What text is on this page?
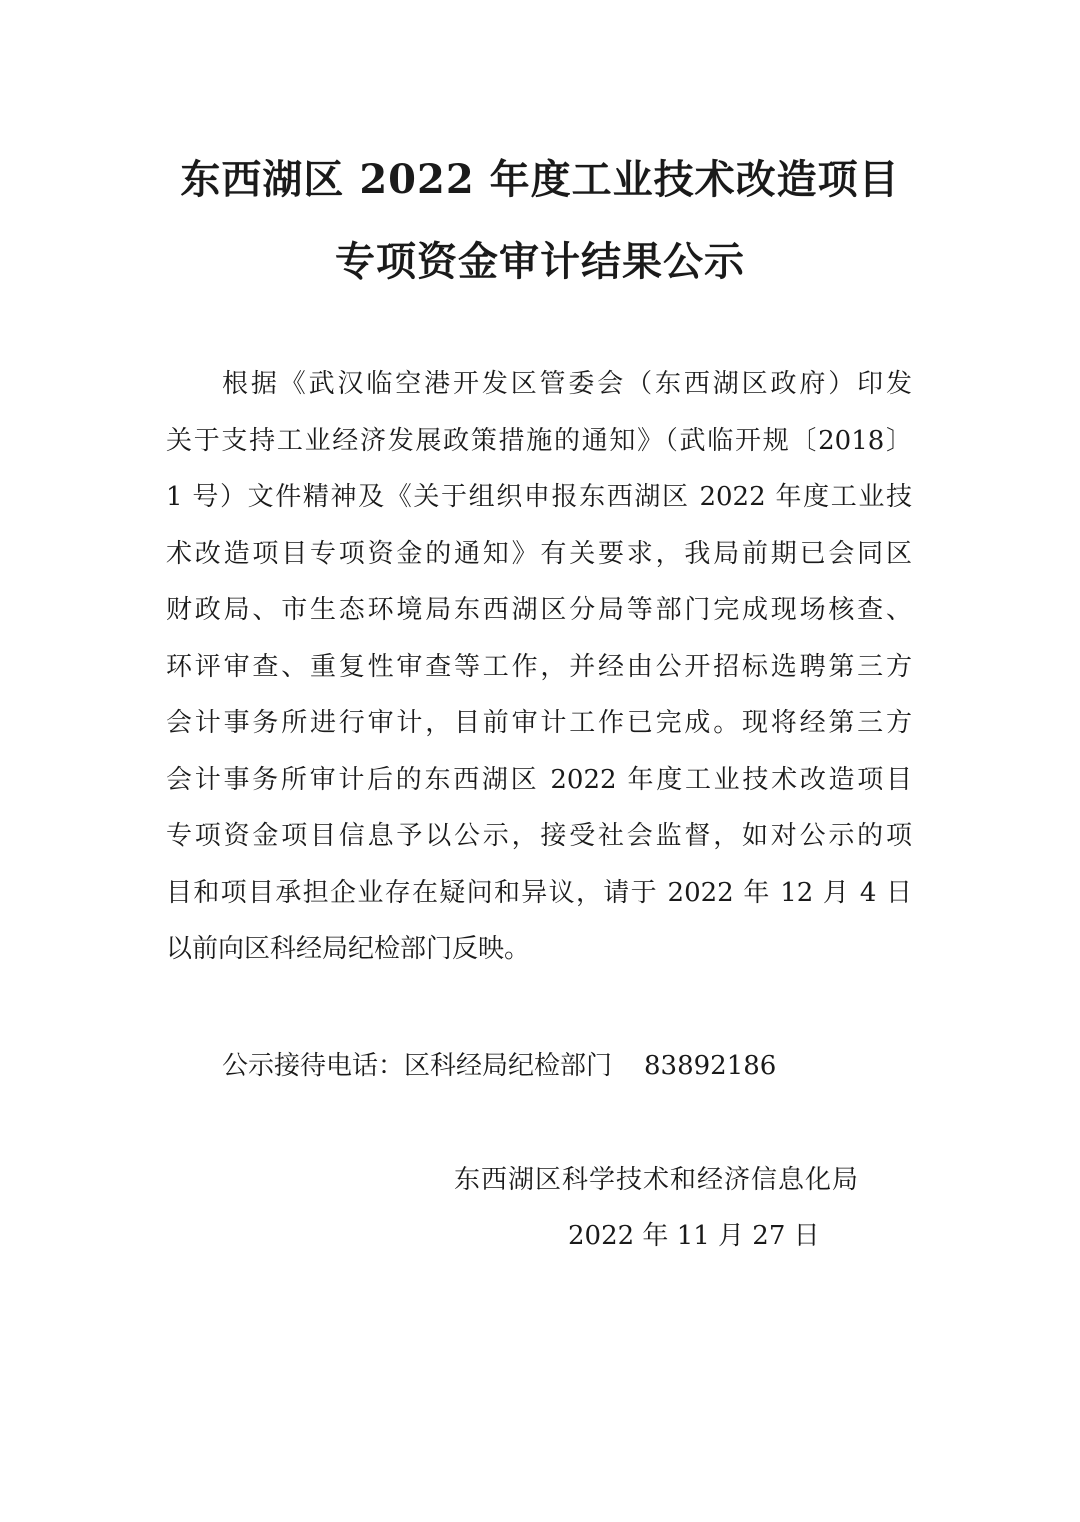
东西湖区 2022 年度工业技术改造项目
专项资金审计结果公示
根据《武汉临空港开发区管委会（东西湖区政府）印发
关于支持工业经济发展政策措施的通知》（武临开规〔2018〕
1 号）文件精神及《关于组织申报东西湖区 2022 年度工业技
术改造项目专项资金的通知》有关要求，我局前期已会同区
财政局、市生态环境局东西湖区分局等部门完成现场核查、
环评审查、重复性审查等工作，并经由公开招标选聘第三方
会计事务所进行审计，目前审计工作已完成。现将经第三方
会计事务所审计后的东西湖区 2022 年度工业技术改造项目
专项资金项目信息予以公示，接受社会监督，如对公示的项
目和项目承担企业存在疑问和异议，请于 2022 年 12 月 4 日
以前向区科经局纪检部门反映。
公示接待电话：区科经局纪检部门 83892186
东西湖区科学技术和经济信息化局
2022 年 11 月 27 日
